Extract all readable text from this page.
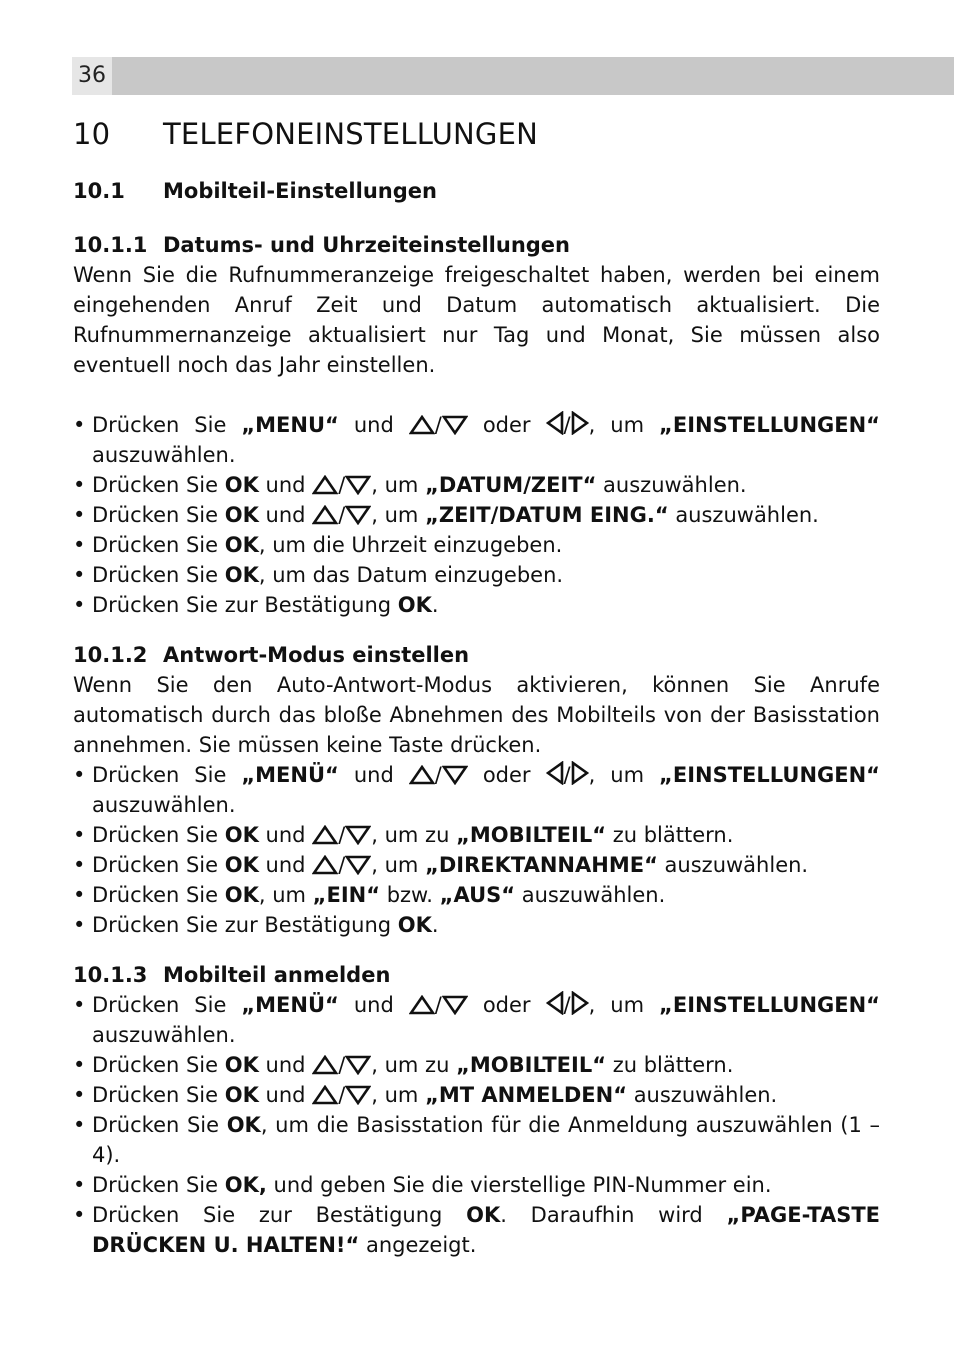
36
10	TELEFONEINSTELLUNGEN
10.1	Mobilteil-Einstellungen
10.1.1 Datums- und Uhrzeiteinstellungen

Wenn Sie die Rufnummeranzeige freigeschaltet haben, werden bei einem eingehenden Anruf Zeit und Datum automatisch aktualisiert. Die Rufnummernanzeige aktualisiert nur Tag und Monat, Sie müssen also eventuell noch das Jahr einstellen.

• Drücken Sie „MENU“ und
/
oder
/ , um „EINSTELLUNGEN“ auszuwählen.
• Drücken Sie OK und
/ , um „DATUM/ZEIT“ auszuwählen.
• Drücken Sie OK und
/ , um „ZEIT/DATUM EING.“ auszuwählen.
• Drücken Sie OK, um die Uhrzeit einzugeben.
• Drücken Sie OK, um das Datum einzugeben.
• Drücken Sie zur Bestätigung OK.
10.1.2 Antwort-Modus einstellen

Wenn Sie den Auto-Antwort-Modus aktivieren, können Sie Anrufe automatisch durch das bloße Abnehmen des Mobilteils von der Basisstation annehmen. Sie müssen keine Taste drücken.

• Drücken Sie „MENÜ“ und
/
oder
/ , um „EINSTELLUNGEN“ auszuwählen.
• Drücken Sie OK und
/ , um zu „MOBILTEIL“ zu blättern.
• Drücken Sie OK und
/ , um „DIREKTANNAHME“ auszuwählen.
• Drücken Sie OK, um „EIN“ bzw. „AUS“ auszuwählen.
• Drücken Sie zur Bestätigung OK.
10.1.3 Mobilteil anmelden
• Drücken Sie „MENÜ“ und
/
oder
/ , um „EINSTELLUNGEN“ auszuwählen.
• Drücken Sie OK und
/ , um zu „MOBILTEIL“ zu blättern.
• Drücken Sie OK und
/ , um „MT ANMELDEN“ auszuwählen.
• Drücken Sie OK, um die Basisstation für die Anmeldung auszuwählen (1 – 4).
• Drücken Sie OK, und geben Sie die vierstellige PIN-Nummer ein.
• Drücken Sie zur Bestätigung OK. Daraufhin wird „PAGE-TASTE DRÜCKEN U. HALTEN!“ angezeigt.
